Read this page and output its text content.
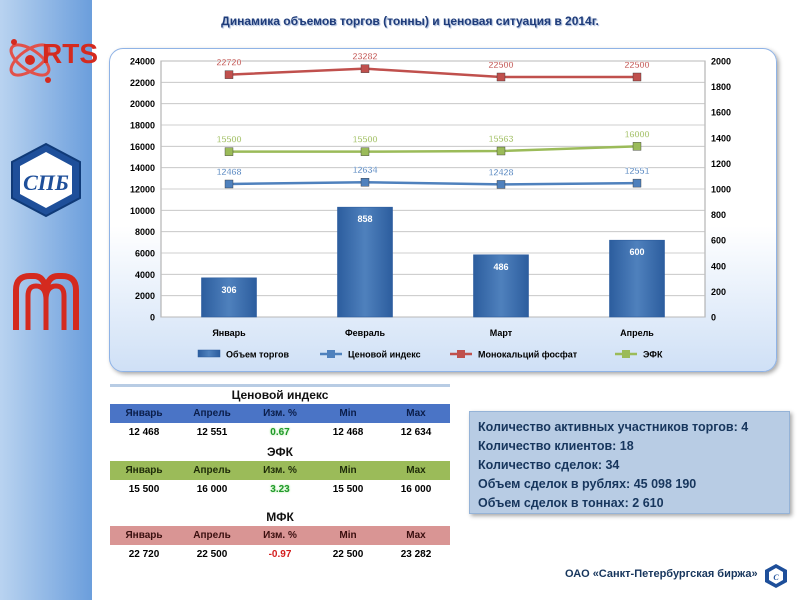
RTS
СПБ
Динамика объемов торгов (тонны) и ценовая ситуация в 2014г.
0
2000
4000
6000
8000
10000
12000
14000
16000
18000
20000
22000
24000
0
200
400
600
800
1000
1200
1400
1600
1800
2000
Январь	Февраль	Март	Апрель
306
858
486
600
12468	12634	12428	12551
22720
23282
22500	22500
15500	15500	15563	16000
Объем торгов	Ценовой индекс	Монокальций фосфат	ЭФК
Ценовой индекс
Январь	Апрель	Изм. %	Min	Max
12 468	12 551	0.67	12 468	12 634
ЭФК
Январь	Апрель	Изм. %	Min	Max
15 500	16 000	3.23	15 500	16 000
МФК
Январь	Апрель	Изм. %	Min	Max
22 720	22 500	-0.97	22 500	23 282
Количество активных участников торгов: 4
Количество клиентов: 18
Количество сделок: 34
Объем сделок в рублях: 45 098 190
Объем сделок в тоннах: 2 610
ОАО «Санкт-Петербургская биржа» С
